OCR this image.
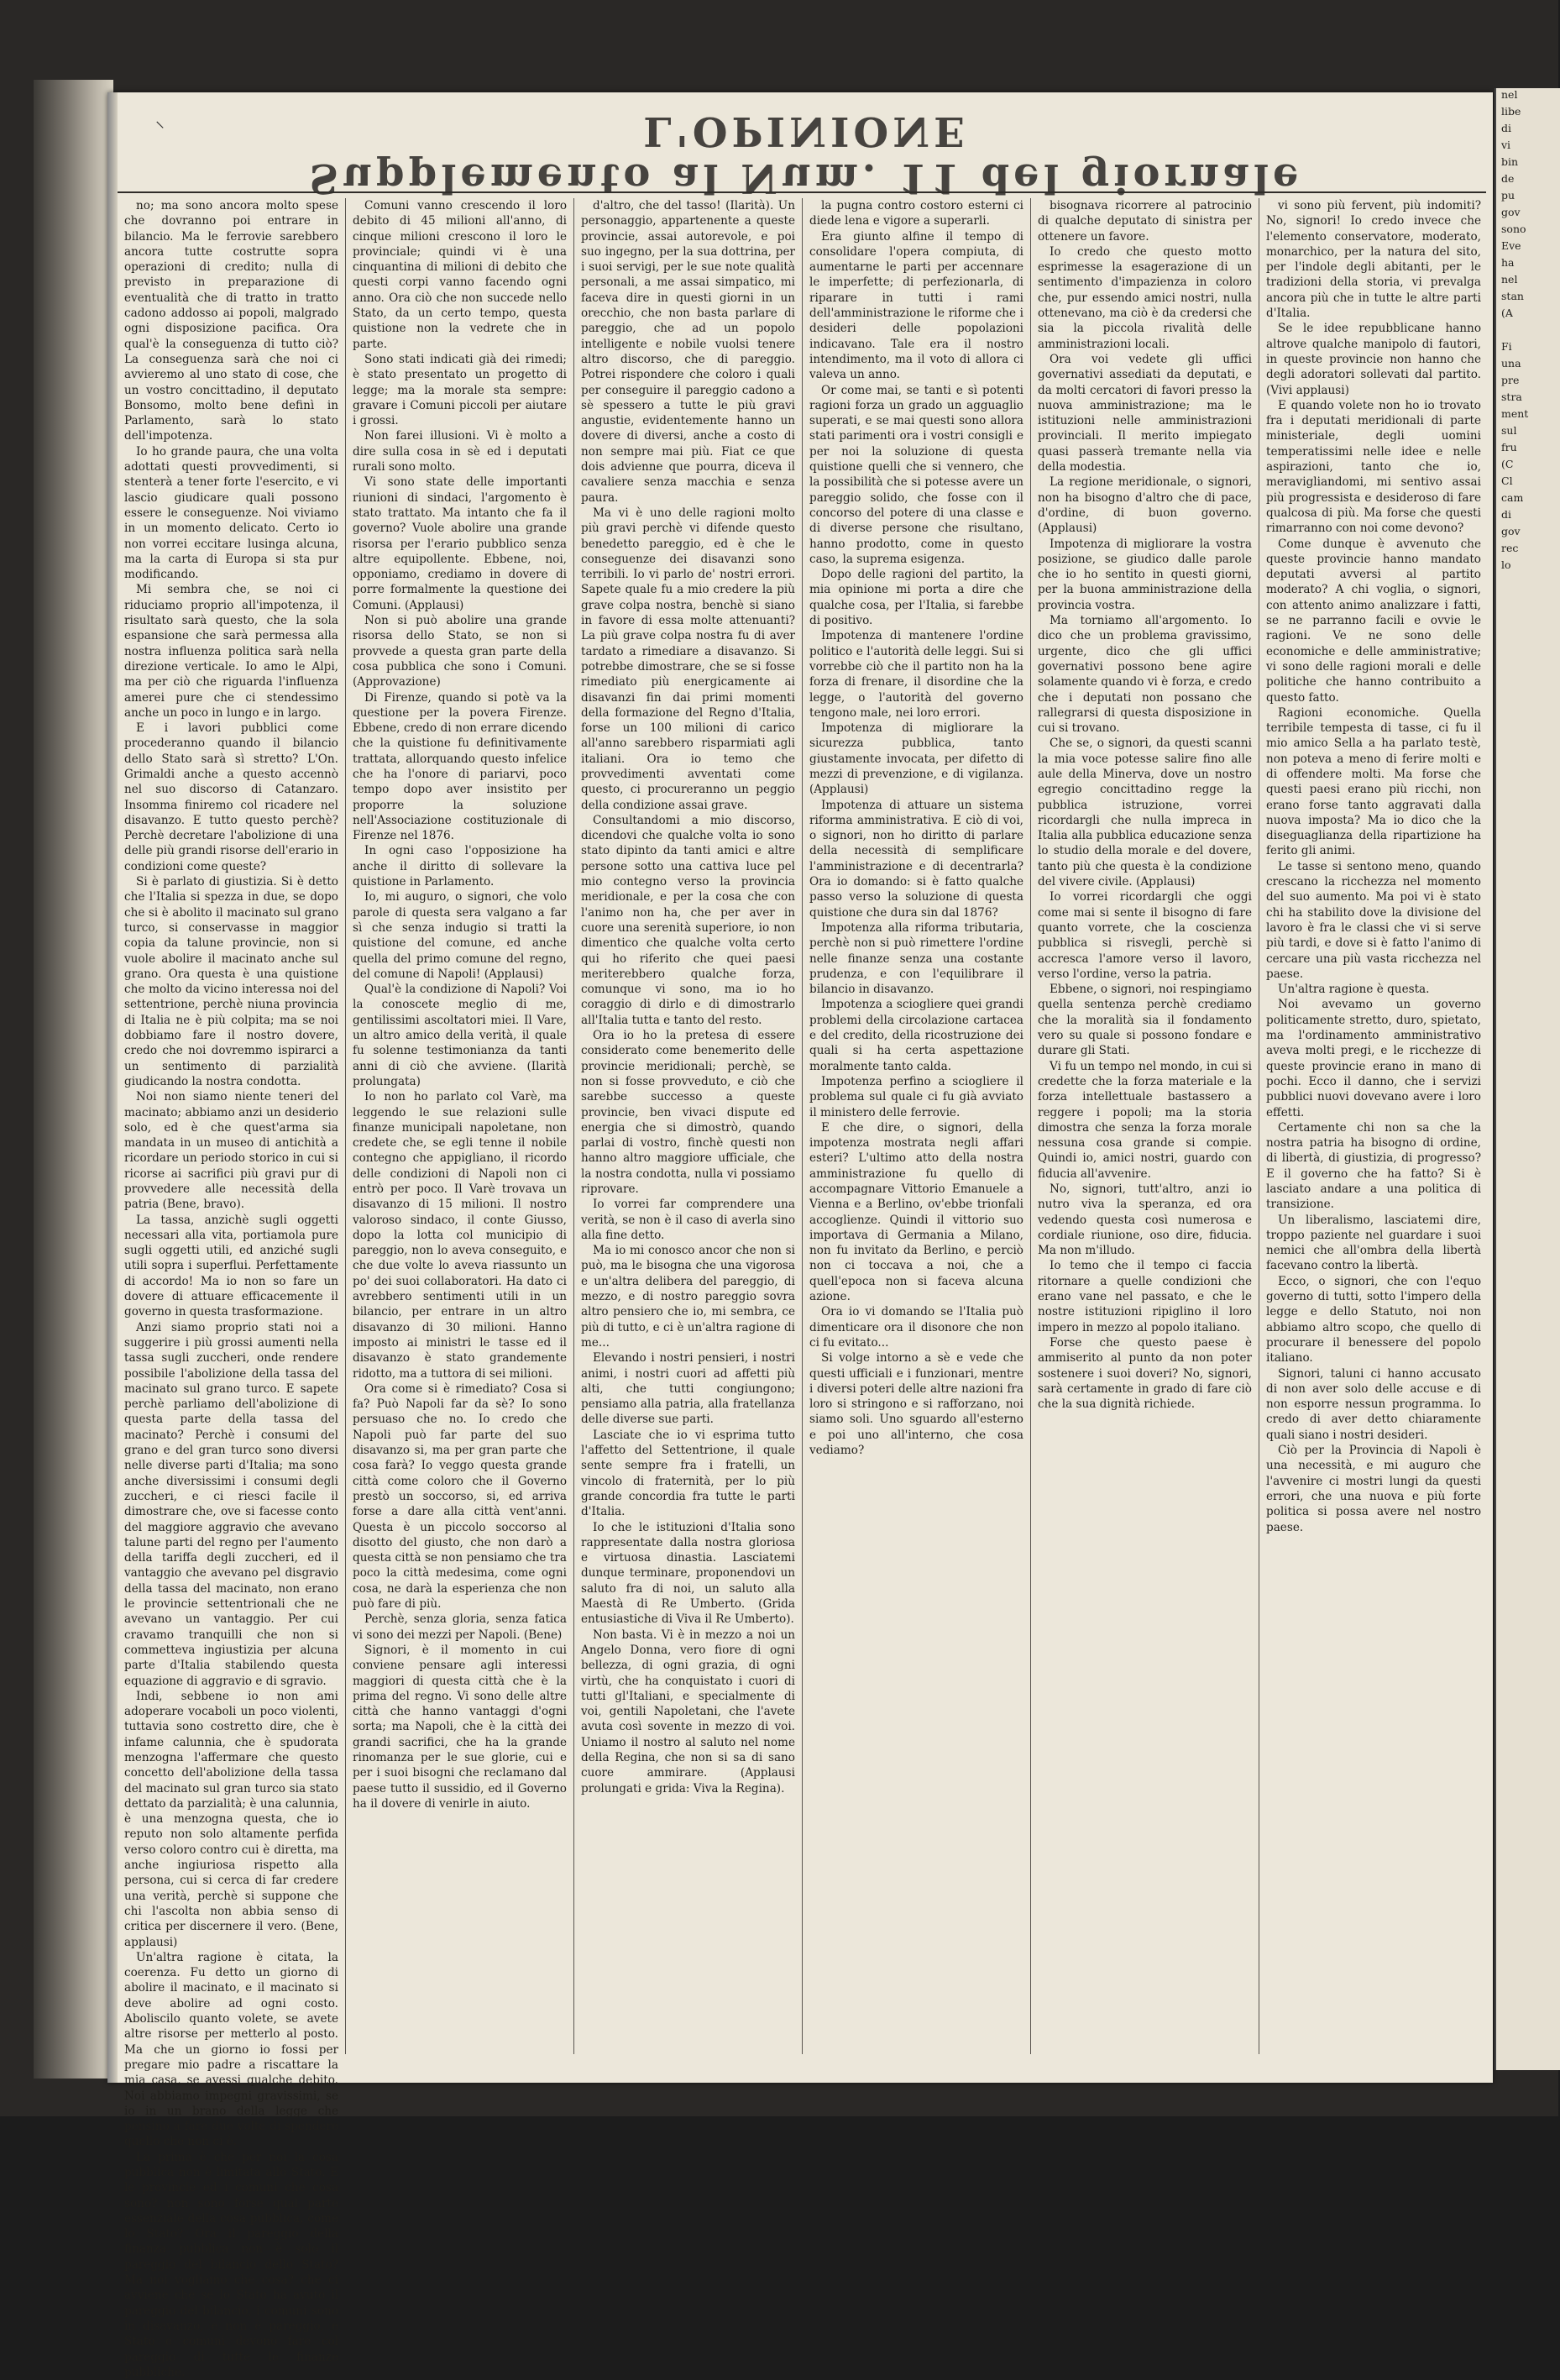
⸜
Supplemento al Num. 11 del giornale L'OPINIONE

no; ma sono ancora molto spese che dovranno poi entrare in bilancio. Ma le ferrovie sarebbero ancora tutte costrutte sopra operazioni di credito; nulla di previsto in preparazione di eventualità che di tratto in tratto cadono addosso ai popoli, malgrado ogni disposizione pacifica. Ora qual'è la conseguenza di tutto ciò? La conseguenza sarà che noi ci avvieremo al uno stato di cose, che un vostro concittadino, il deputato Bonsomo, molto bene definì in Parlamento, sarà lo stato dell'impotenza.

Io ho grande paura, che una volta adottati questi provvedimenti, si stenterà a tener forte l'esercito, e vi lascio giudicare quali possono essere le conseguenze. Noi viviamo in un momento delicato. Certo io non vorrei eccitare lusinga alcuna, ma la carta di Europa si sta pur modificando.

Mi sembra che, se noi ci riduciamo proprio all'impotenza, il risultato sarà questo, che la sola espansione che sarà permessa alla nostra influenza politica sarà nella direzione verticale. Io amo le Alpi, ma per ciò che riguarda l'influenza amerei pure che ci stendessimo anche un poco in lungo e in largo.

E i lavori pubblici come procederanno quando il bilancio dello Stato sarà sì stretto? L'On. Grimaldi anche a questo accennò nel suo discorso di Catanzaro. Insomma finiremo col ricadere nel disavanzo. E tutto questo perchè? Perchè decretare l'abolizione di una delle più grandi risorse dell'erario in condizioni come queste?

Si è parlato di giustizia. Si è detto che l'Italia si spezza in due, se dopo che si è abolito il macinato sul grano turco, si conservasse in maggior copia da talune provincie, non si vuole abolire il macinato anche sul grano. Ora questa è una quistione che molto da vicino interessa noi del settentrione, perchè niuna provincia di Italia ne è più colpita; ma se noi dobbiamo fare il nostro dovere, credo che noi dovremmo ispirarci a un sentimento di parzialità giudicando la nostra condotta.

Noi non siamo niente teneri del macinato; abbiamo anzi un desiderio solo, ed è che quest'arma sia mandata in un museo di antichità a ricordare un periodo storico in cui si ricorse ai sacrifici più gravi pur di provvedere alle necessità della patria (Bene, bravo).

La tassa, anzichè sugli oggetti necessari alla vita, portiamola pure sugli oggetti utili, ed anziché sugli utili sopra i superflui. Perfettamente di accordo! Ma io non so fare un dovere di attuare efficacemente il governo in questa trasformazione.

Anzi siamo proprio stati noi a suggerire i più grossi aumenti nella tassa sugli zuccheri, onde rendere possibile l'abolizione della tassa del macinato sul grano turco. E sapete perchè parliamo dell'abolizione di questa parte della tassa del macinato? Perchè i consumi del grano e del gran turco sono diversi nelle diverse parti d'Italia; ma sono anche diversissimi i consumi degli zuccheri, e ci riesci facile il dimostrare che, ove si facesse conto del maggiore aggravio che avevano talune parti del regno per l'aumento della tariffa degli zuccheri, ed il vantaggio che avevano pel disgravio della tassa del macinato, non erano le provincie settentrionali che ne avevano un vantaggio. Per cui cravamo tranquilli che non si commetteva ingiustizia per alcuna parte d'Italia stabilendo questa equazione di aggravio e di sgravio.

Indi, sebbene io non ami adoperare vocaboli un poco violenti, tuttavia sono costretto dire, che è infame calunnia, che è spudorata menzogna l'affermare che questo concetto dell'abolizione della tassa del macinato sul gran turco sia stato dettato da parzialità; è una calunnia, è una menzogna questa, che io reputo non solo altamente perfida verso coloro contro cui è diretta, ma anche ingiuriosa rispetto alla persona, cui si cerca di far credere una verità, perchè si suppone che chi l'ascolta non abbia senso di critica per discernere il vero. (Bene, applausi)

Un'altra ragione è citata, la coerenza. Fu detto un giorno di abolire il macinato, e il macinato si deve abolire ad ogni costo. Aboliscilo quanto volete, se avete altre risorse per metterlo al posto. Ma che un giorno io fossi per pregare mio padre a riscattare la mia casa, se avessi qualche debito. Noi abbiamo impegni gravissimi, se io in un brano della legge che pensino a fare due volte di spendere quello che non ci è.

La prima è che per noi la cosa pubblica non è limitata allo Stato. E le provincie ed i comuni che cosa sono? non sono forse qual parte essenziale della cosa pubblica, come lo Stato? Ora il pareggio della finanza pubblica non è solo il pareggio del bilancio dello Stato? Ma noi vogliamo che cosa? che ci avviene che se lo Stato ha avuto il pareggio del bilancio, i comuni sono in disavanzo, e non è pareggio, e Stato e comuni devono fare col pareggio di tutte le finanze pubbliche.

Comuni vanno crescendo il loro debito di 45 milioni all'anno, di cinque milioni crescono il loro le provinciale; quindi vi è una cinquantina di milioni di debito che questi corpi vanno facendo ogni anno. Ora ciò che non succede nello Stato, da un certo tempo, questa quistione non la vedrete che in parte.

Sono stati indicati già dei rimedi; è stato presentato un progetto di legge; ma la morale sta sempre: gravare i Comuni piccoli per aiutare i grossi.

Non farei illusioni. Vi è molto a dire sulla cosa in sè ed i deputati rurali sono molto.

Vi sono state delle importanti riunioni di sindaci, l'argomento è stato trattato. Ma intanto che fa il governo? Vuole abolire una grande risorsa per l'erario pubblico senza altre equipollente. Ebbene, noi, opponiamo, crediamo in dovere di porre formalmente la questione dei Comuni. (Applausi)

Non si può abolire una grande risorsa dello Stato, se non si provvede a questa gran parte della cosa pubblica che sono i Comuni. (Approvazione)

Di Firenze, quando si potè va la questione per la povera Firenze. Ebbene, credo di non errare dicendo che la quistione fu definitivamente trattata, allorquando questo infelice che ha l'onore di pariarvi, poco tempo dopo aver insistito per proporre la soluzione nell'Associazione costituzionale di Firenze nel 1876.

In ogni caso l'opposizione ha anche il diritto di sollevare la quistione in Parlamento.

Io, mi auguro, o signori, che volo parole di questa sera valgano a far sì che senza indugio si tratti la quistione del comune, ed anche quella del primo comune del regno, del comune di Napoli! (Applausi)

Qual'è la condizione di Napoli? Voi la conoscete meglio di me, gentilissimi ascoltatori miei. Il Vare, un altro amico della verità, il quale fu solenne testimonianza da tanti anni di ciò che avviene. (Ilarità prolungata)

Io non ho parlato col Varè, ma leggendo le sue relazioni sulle finanze municipali napoletane, non credete che, se egli tenne il nobile contegno che appigliano, il ricordo delle condizioni di Napoli non ci entrò per poco. Il Varè trovava un disavanzo di 15 milioni. Il nostro valoroso sindaco, il conte Giusso, dopo la lotta col municipio di pareggio, non lo aveva conseguito, e che due volte lo aveva riassunto un po' dei suoi collaboratori. Ha dato ci avrebbero sentimenti utili in un bilancio, per entrare in un altro disavanzo di 30 milioni. Hanno imposto ai ministri le tasse ed il disavanzo è stato grandemente ridotto, ma a tuttora di sei milioni.

Ora come si è rimediato? Cosa si fa? Può Napoli far da sè? Io sono persuaso che no. Io credo che Napoli può far parte del suo disavanzo si, ma per gran parte che cosa farà? Io veggo questa grande città come coloro che il Governo prestò un soccorso, si, ed arriva forse a dare alla città vent'anni. Questa è un piccolo soccorso al disotto del giusto, che non darò a questa città se non pensiamo che tra poco la città medesima, come ogni cosa, ne darà la esperienza che non può fare di più.

Perchè, senza gloria, senza fatica vi sono dei mezzi per Napoli. (Bene)

Signori, è il momento in cui conviene pensare agli interessi maggiori di questa città che è la prima del regno. Vi sono delle altre città che hanno vantaggi d'ogni sorta; ma Napoli, che è la città dei grandi sacrifici, che ha la grande rinomanza per le sue glorie, cui e per i suoi bisogni che reclamano dal paese tutto il sussidio, ed il Governo ha il dovere di venirle in aiuto.

d'altro, che del tasso! (Ilarità). Un personaggio, appartenente a queste provincie, assai autorevole, e poi suo ingegno, per la sua dottrina, per i suoi servigi, per le sue note qualità personali, a me assai simpatico, mi faceva dire in questi giorni in un orecchio, che non basta parlare di pareggio, che ad un popolo intelligente e nobile vuolsi tenere altro discorso, che di pareggio. Potrei rispondere che coloro i quali per conseguire il pareggio cadono a sè spessero a tutte le più gravi angustie, evidentemente hanno un dovere di diversi, anche a costo di non sempre mai più. Fiat ce que dois advienne que pourra, diceva il cavaliere senza macchia e senza paura.

Ma vi è uno delle ragioni molto più gravi perchè vi difende questo benedetto pareggio, ed è che le conseguenze dei disavanzi sono terribili. Io vi parlo de' nostri errori. Sapete quale fu a mio credere la più grave colpa nostra, benchè si siano in favore di essa molte attenuanti? La più grave colpa nostra fu di aver tardato a rimediare a disavanzo. Si potrebbe dimostrare, che se si fosse rimediato più energicamente ai disavanzi fin dai primi momenti della formazione del Regno d'Italia, forse un 100 milioni di carico all'anno sarebbero risparmiati agli italiani. Ora io temo che provvedimenti avventati come questo, ci procureranno un peggio della condizione assai grave.

Consultandomi a mio discorso, dicendovi che qualche volta io sono stato dipinto da tanti amici e altre persone sotto una cattiva luce pel mio contegno verso la provincia meridionale, e per la cosa che con l'animo non ha, che per aver in cuore una serenità superiore, io non dimentico che qualche volta certo qui ho riferito che quei paesi meriterebbero qualche forza, comunque vi sono, ma io ho coraggio di dirlo e di dimostrarlo all'Italia tutta e tanto del resto.

Ora io ho la pretesa di essere considerato come benemerito delle provincie meridionali; perchè, se non si fosse provveduto, e ciò che sarebbe successo a queste provincie, ben vivaci dispute ed energia che si dimostrò, quando parlai di vostro, finchè questi non hanno altro maggiore ufficiale, che la nostra condotta, nulla vi possiamo riprovare.

Io vorrei far comprendere una verità, se non è il caso di averla sino alla fine detto.

Ma io mi conosco ancor che non si può, ma le bisogna che una vigorosa e un'altra delibera del pareggio, di mezzo, e di nostro pareggio sovra altro pensiero che io, mi sembra, ce più di tutto, e ci è un'altra ragione di me...

Elevando i nostri pensieri, i nostri animi, i nostri cuori ad affetti più alti, che tutti congiungono; pensiamo alla patria, alla fratellanza delle diverse sue parti.

Lasciate che io vi esprima tutto l'affetto del Settentrione, il quale sente sempre fra i fratelli, un vincolo di fraternità, per lo più grande concordia fra tutte le parti d'Italia.

Io che le istituzioni d'Italia sono rappresentate dalla nostra gloriosa e virtuosa dinastia. Lasciatemi dunque terminare, proponendovi un saluto fra di noi, un saluto alla Maestà di Re Umberto. (Grida entusiastiche di Viva il Re Umberto).

Non basta. Vi è in mezzo a noi un Angelo Donna, vero fiore di ogni bellezza, di ogni grazia, di ogni virtù, che ha conquistato i cuori di tutti gl'Italiani, e specialmente di voi, gentili Napoletani, che l'avete avuta così sovente in mezzo di voi. Uniamo il nostro al saluto nel nome della Regina, che non si sa di sano cuore ammirare. (Applausi prolungati e grida: Viva la Regina).

la pugna contro costoro esterni ci diede lena e vigore a superarli.

Era giunto alfine il tempo di consolidare l'opera compiuta, di aumentarne le parti per accennare le imperfette; di perfezionarla, di riparare in tutti i rami dell'amministrazione le riforme che i desideri delle popolazioni indicavano. Tale era il nostro intendimento, ma il voto di allora ci valeva un anno.

Or come mai, se tanti e sì potenti ragioni forza un grado un agguaglio superati, e se mai questi sono allora stati parimenti ora i vostri consigli e per noi la soluzione di questa quistione quelli che si vennero, che la possibilità che si potesse avere un pareggio solido, che fosse con il concorso del potere di una classe e di diverse persone che risultano, hanno prodotto, come in questo caso, la suprema esigenza.

Dopo delle ragioni del partito, la mia opinione mi porta a dire che qualche cosa, per l'Italia, si farebbe di positivo.

Impotenza di mantenere l'ordine politico e l'autorità delle leggi. Sui si vorrebbe ciò che il partito non ha la forza di frenare, il disordine che la legge, o l'autorità del governo tengono male, nei loro errori.

Impotenza di migliorare la sicurezza pubblica, tanto giustamente invocata, per difetto di mezzi di prevenzione, e di vigilanza. (Applausi)

Impotenza di attuare un sistema riforma amministrativa. E ciò di voi, o signori, non ho diritto di parlare della necessità di semplificare l'amministrazione e di decentrarla? Ora io domando: si è fatto qualche passo verso la soluzione di questa quistione che dura sin dal 1876?

Impotenza alla riforma tributaria, perchè non si può rimettere l'ordine nelle finanze senza una costante prudenza, e con l'equilibrare il bilancio in disavanzo.

Impotenza a sciogliere quei grandi problemi della circolazione cartacea e del credito, della ricostruzione dei quali si ha certa aspettazione moralmente tanto calda.

Impotenza perfino a sciogliere il problema sul quale ci fu già avviato il ministero delle ferrovie.

E che dire, o signori, della impotenza mostrata negli affari esteri? L'ultimo atto della nostra amministrazione fu quello di accompagnare Vittorio Emanuele a Vienna e a Berlino, ov'ebbe trionfali accoglienze. Quindi il vittorio suo importava di Germania a Milano, non fu invitato da Berlino, e perciò non ci toccava a noi, che a quell'epoca non si faceva alcuna azione.

Ora io vi domando se l'Italia può dimenticare ora il disonore che non ci fu evitato...

Si volge intorno a sè e vede che questi ufficiali e i funzionari, mentre i diversi poteri delle altre nazioni fra loro si stringono e si rafforzano, noi siamo soli. Uno sguardo all'esterno e poi uno all'interno, che cosa vediamo?

bisognava ricorrere al patrocinio di qualche deputato di sinistra per ottenere un favore.

Io credo che questo motto esprimesse la esagerazione di un sentimento d'impazienza in coloro che, pur essendo amici nostri, nulla ottenevano, ma ciò è da credersi che sia la piccola rivalità delle amministrazioni locali.

Ora voi vedete gli uffici governativi assediati da deputati, e da molti cercatori di favori presso la nuova amministrazione; ma le istituzioni nelle amministrazioni provinciali. Il merito impiegato quasi passerà tremante nella via della modestia.

La regione meridionale, o signori, non ha bisogno d'altro che di pace, d'ordine, di buon governo. (Applausi)

Impotenza di migliorare la vostra posizione, se giudico dalle parole che io ho sentito in questi giorni, per la buona amministrazione della provincia vostra.

Ma torniamo all'argomento. Io dico che un problema gravissimo, urgente, dico che gli uffici governativi possono bene agire solamente quando vi è forza, e credo che i deputati non possano che rallegrarsi di questa disposizione in cui si trovano.

Che se, o signori, da questi scanni la mia voce potesse salire fino alle aule della Minerva, dove un nostro egregio concittadino regge la pubblica istruzione, vorrei ricordargli che nulla impreca in Italia alla pubblica educazione senza lo studio della morale e del dovere, tanto più che questa è la condizione del vivere civile. (Applausi)

Io vorrei ricordargli che oggi come mai si sente il bisogno di fare quanto vorrete, che la coscienza pubblica si risvegli, perchè si accresca l'amore verso il lavoro, verso l'ordine, verso la patria.

Ebbene, o signori, noi respingiamo quella sentenza perchè crediamo che la moralità sia il fondamento vero su quale si possono fondare e durare gli Stati.

Vi fu un tempo nel mondo, in cui si credette che la forza materiale e la forza intellettuale bastassero a reggere i popoli; ma la storia dimostra che senza la forza morale nessuna cosa grande si compie. Quindi io, amici nostri, guardo con fiducia all'avvenire.

No, signori, tutt'altro, anzi io nutro viva la speranza, ed ora vedendo questa così numerosa e cordiale riunione, oso dire, fiducia. Ma non m'illudo.

Io temo che il tempo ci faccia ritornare a quelle condizioni che erano vane nel passato, e che le nostre istituzioni ripiglino il loro impero in mezzo al popolo italiano.

Forse che questo paese è ammiserito al punto da non poter sostenere i suoi doveri? No, signori, sarà certamente in grado di fare ciò che la sua dignità richiede.

vi sono più fervent, più indomiti? No, signori! Io credo invece che l'elemento conservatore, moderato, monarchico, per la natura del sito, per l'indole degli abitanti, per le tradizioni della storia, vi prevalga ancora più che in tutte le altre parti d'Italia.

Se le idee repubblicane hanno altrove qualche manipolo di fautori, in queste provincie non hanno che degli adoratori sollevati dal partito. (Vivi applausi)

E quando volete non ho io trovato fra i deputati meridionali di parte ministeriale, degli uomini temperatissimi nelle idee e nelle aspirazioni, tanto che io, meravigliandomi, mi sentivo assai più progressista e desideroso di fare qualcosa di più. Ma forse che questi rimarranno con noi come devono?

Come dunque è avvenuto che queste provincie hanno mandato deputati avversi al partito moderato? A chi voglia, o signori, con attento animo analizzare i fatti, se ne parranno facili e ovvie le ragioni. Ve ne sono delle economiche e delle amministrative; vi sono delle ragioni morali e delle politiche che hanno contribuito a questo fatto.

Ragioni economiche. Quella terribile tempesta di tasse, ci fu il mio amico Sella a ha parlato testè, non poteva a meno di ferire molti e di offendere molti. Ma forse che questi paesi erano più ricchi, non erano forse tanto aggravati dalla nuova imposta? Ma io dico che la diseguaglianza della ripartizione ha ferito gli animi.

Le tasse si sentono meno, quando crescano la ricchezza nel momento del suo aumento. Ma poi vi è stato chi ha stabilito dove la divisione del lavoro è fra le classi che vi si serve più tardi, e dove si è fatto l'animo di cercare una più vasta ricchezza nel paese.

Un'altra ragione è questa.

Noi avevamo un governo politicamente stretto, duro, spietato, ma l'ordinamento amministrativo aveva molti pregi, e le ricchezze di queste provincie erano in mano di pochi. Ecco il danno, che i servizi pubblici nuovi dovevano avere i loro effetti.

Certamente chi non sa che la nostra patria ha bisogno di ordine, di libertà, di giustizia, di progresso? E il governo che ha fatto? Si è lasciato andare a una politica di transizione.

Un liberalismo, lasciatemi dire, troppo paziente nel guardare i suoi nemici che all'ombra della libertà facevano contro la libertà.

Ecco, o signori, che con l'equo governo di tutti, sotto l'impero della legge e dello Statuto, noi non abbiamo altro scopo, che quello di procurare il benessere del popolo italiano.

Signori, taluni ci hanno accusato di non aver solo delle accuse e di non esporre nessun programma. Io credo di aver detto chiaramente quali siano i nostri desideri.

Ciò per la Provincia di Napoli è una necessità, e mi auguro che l'avvenire ci mostri lungi da questi errori, che una nuova e più forte politica si possa avere nel nostro paese.

nel

libe

di

vi

bin

de

pu

gov

sono

Eve

ha

nel

stan

(A

Fi

una

pre

stra

ment

sul

fru

(C

Cl

cam

di

gov

rec

lo
